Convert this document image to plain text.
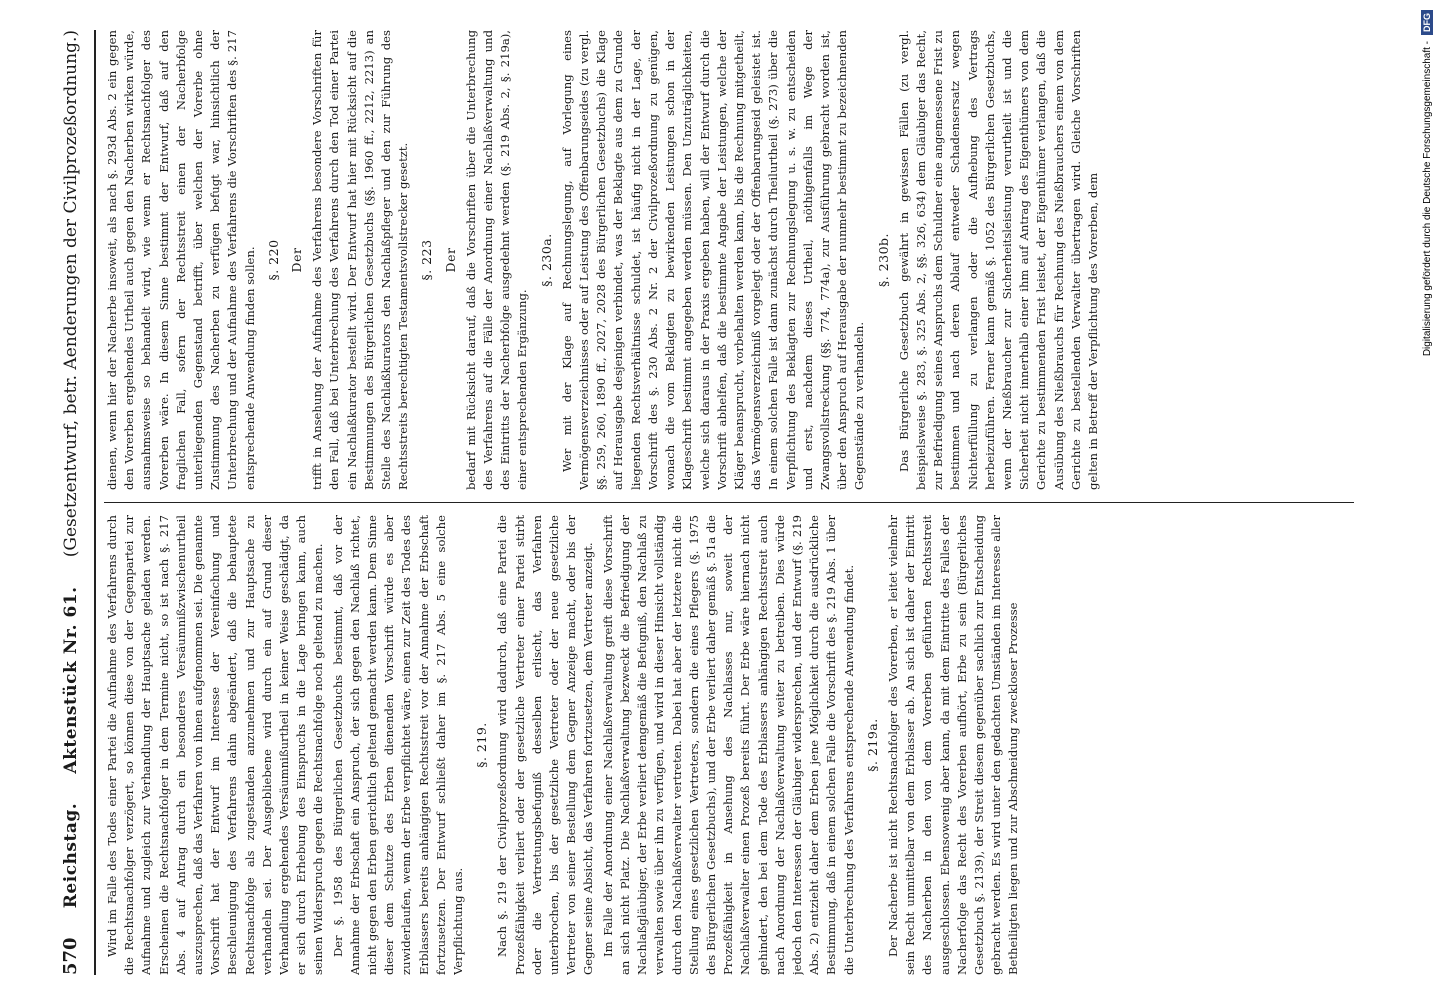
Digitalisierung gefördert durch die Deutsche Forschungsgemeinschaft -
DFG
570
Reichstag.
Aktenstück Nr. 61.
(Gesetzentwurf, betr. Aenderungen der Civilprozeßordnung.)

Wird im Falle des Todes einer Partei die Aufnahme des Verfahrens durch die Rechtsnachfolger verzögert, so können diese von der Gegenpartei zur Aufnahme und zugleich zur Verhandlung der Hauptsache geladen werden. Erscheinen die Rechtsnachfolger in dem Termine nicht, so ist nach §. 217 Abs. 4 auf Antrag durch ein besonderes Versäumnißzwischenurtheil auszusprechen, daß das Verfahren von ihnen aufgenommen sei. Die genannte Vorschrift hat der Entwurf im Interesse der Vereinfachung und Beschleunigung des Verfahrens dahin abgeändert, daß die behauptete Rechtsnachfolge als zugestanden anzunehmen und zur Hauptsache zu verhandeln sei. Der Ausgebliebene wird durch ein auf Grund dieser Verhandlung ergehendes Versäumnißurtheil in keiner Weise geschädigt, da er sich durch Erhebung des Einspruchs in die Lage bringen kann, auch seinen Widerspruch gegen die Rechtsnachfolge noch geltend zu machen. Der §. 1958 des Bürgerlichen Gesetzbuchs bestimmt, daß vor der Annahme der Erbschaft ein Anspruch, der sich gegen den Nachlaß richtet, nicht gegen den Erben gerichtlich geltend gemacht werden kann. Dem Sinne dieser dem Schutze des Erben dienenden Vorschrift würde es aber zuwiderlaufen, wenn der Erbe verpflichtet wäre, einen zur Zeit des Todes des Erblassers bereits anhängigen Rechtsstreit vor der Annahme der Erbschaft fortzusetzen. Der Entwurf schließt daher im §. 217 Abs. 5 eine solche Verpflichtung aus.

§. 219. Nach §. 219 der Civilprozeßordnung wird dadurch, daß eine Partei die Prozeßfähigkeit verliert oder der gesetzliche Vertreter einer Partei stirbt oder die Vertretungsbefugniß desselben erlischt, das Verfahren unterbrochen, bis der gesetzliche Vertreter oder der neue gesetzliche Vertreter von seiner Bestellung dem Gegner Anzeige macht, oder bis der Gegner seine Absicht, das Verfahren fortzusetzen, dem Vertreter anzeigt. Im Falle der Anordnung einer Nachlaßverwaltung greift diese Vorschrift an sich nicht Platz. Die Nachlaßverwaltung bezweckt die Befriedigung der Nachlaßgläubiger, der Erbe verliert demgemäß die Befugniß, den Nachlaß zu verwalten sowie über ihn zu verfügen, und wird in dieser Hinsicht vollständig durch den Nachlaßverwalter vertreten. Dabei hat aber der letztere nicht die Stellung eines gesetzlichen Vertreters, sondern die eines Pflegers (§. 1975 des Bürgerlichen Gesetzbuchs), und der Erbe verliert daher gemäß §. 51a die Prozeßfähigkeit in Ansehung des Nachlasses nur, soweit der Nachlaßverwalter einen Prozeß bereits führt. Der Erbe wäre hiernach nicht gehindert, den bei dem Tode des Erblassers anhängigen Rechtsstreit auch nach Anordnung der Nachlaßverwaltung weiter zu betreiben. Dies würde jedoch den Interessen der Gläubiger widersprechen, und der Entwurf (§. 219 Abs. 2) entzieht daher dem Erben jene Möglichkeit durch die ausdrückliche Bestimmung, daß in einem solchen Falle die Vorschrift des §. 219 Abs. 1 über die Unterbrechung des Verfahrens entsprechende Anwendung findet. §. 219a. Der Nacherbe ist nicht Rechtsnachfolger des Vorerben, er leitet vielmehr sein Recht unmittelbar von dem Erblasser ab. An sich ist daher der Eintritt des Nacherben in den von dem Vorerben geführten Rechtsstreit ausgeschlossen. Ebensowenig aber kann, da mit dem Eintritte des Falles der Nacherfolge das Recht des Vorerben aufhört, Erbe zu sein (Bürgerliches Gesetzbuch §. 2139), der Streit diesem gegenüber sachlich zur Entscheidung gebracht werden. Es wird unter den gedachten Umständen im Interesse aller Betheiligten liegen und zur Abschneidung zweckloser Prozesse

dienen, wenn hier der Nacherbe insoweit, als nach §. 293d Abs. 2 ein gegen den Vorerben ergehendes Urtheil auch gegen den Nacherben wirken würde, ausnahmsweise so behandelt wird, wie wenn er Rechtsnachfolger des Vorerben wäre. In diesem Sinne bestimmt der Entwurf, daß auf den fraglichen Fall, sofern der Rechtsstreit einen der Nacherbfolge unterliegenden Gegenstand betrifft, über welchen der Vorerbe ohne Zustimmung des Nacherben zu verfügen befugt war, hinsichtlich der Unterbrechung und der Aufnahme des Verfahrens die Vorschriften des §. 217 entsprechende Anwendung finden sollen. §. 220 Der trifft in Ansehung der Aufnahme des Verfahrens besondere Vorschriften für den Fall, daß bei Unterbrechung des Verfahrens durch den Tod einer Partei ein Nachlaßkurator bestellt wird. Der Entwurf hat hier mit Rücksicht auf die Bestimmungen des Bürgerlichen Gesetzbuchs (§§. 1960 ff., 2212, 2213) an Stelle des Nachlaßkurators den Nachlaßpfleger und den zur Führung des Rechtsstreits berechtigten Testamentsvollstrecker gesetzt. §. 223 Der bedarf mit Rücksicht darauf, daß die Vorschriften über die Unterbrechung des Verfahrens auf die Fälle der Anordnung einer Nachlaßverwaltung und des Eintritts der Nacherbfolge ausgedehnt werden (§. 219 Abs. 2, §. 219a), einer entsprechenden Ergänzung.

§. 230a. Wer mit der Klage auf Rechnungslegung, auf Vorlegung eines Vermögensverzeichnisses oder auf Leistung des Offenbarungseides (zu vergl. §§. 259, 260, 1890 ff., 2027, 2028 des Bürgerlichen Gesetzbuchs) die Klage auf Herausgabe desjenigen verbindet, was der Beklagte aus dem zu Grunde liegenden Rechtsverhältnisse schuldet, ist häufig nicht in der Lage, der Vorschrift des §. 230 Abs. 2 Nr. 2 der Civilprozeßordnung zu genügen, wonach die vom Beklagten zu bewirkenden Leistungen schon in der Klageschrift bestimmt angegeben werden müssen. Den Unzuträglichkeiten, welche sich daraus in der Praxis ergeben haben, will der Entwurf durch die Vorschrift abhelfen, daß die bestimmte Angabe der Leistungen, welche der Kläger beansprucht, vorbehalten werden kann, bis die Rechnung mitgetheilt, das Vermögensverzeichniß vorgelegt oder der Offenbarungseid geleistet ist. In einem solchen Falle ist dann zunächst durch Theilurtheil (§. 273) über die Verpflichtung des Beklagten zur Rechnungslegung u. s. w. zu entscheiden und erst, nachdem dieses Urtheil, nöthigenfalls im Wege der Zwangsvollstreckung (§§. 774, 774a), zur Ausführung gebracht worden ist, über den Anspruch auf Herausgabe der nunmehr bestimmt zu bezeichnenden Gegenstände zu verhandeln.

§. 230b. Das Bürgerliche Gesetzbuch gewährt in gewissen Fällen (zu vergl. beispielsweise §. 283, §. 325 Abs. 2, §§. 326, 634) dem Gläubiger das Recht, zur Befriedigung seines Anspruchs dem Schuldner eine angemessene Frist zu bestimmen und nach deren Ablauf entweder Schadensersatz wegen Nichterfüllung zu verlangen oder die Aufhebung des Vertrags herbeizuführen. Ferner kann gemäß §. 1052 des Bürgerlichen Gesetzbuchs, wenn der Nießbraucher zur Sicherheitsleistung verurtheilt ist und die Sicherheit nicht innerhalb einer ihm auf Antrag des Eigenthümers von dem Gerichte zu bestimmenden Frist leistet, der Eigenthümer verlangen, daß die Ausübung des Nießbrauchs für Rechnung des Nießbrauchers einem von dem Gerichte zu bestellenden Verwalter übertragen wird. Gleiche Vorschriften gelten in Betreff der Verpflichtung des Vorerben, dem
